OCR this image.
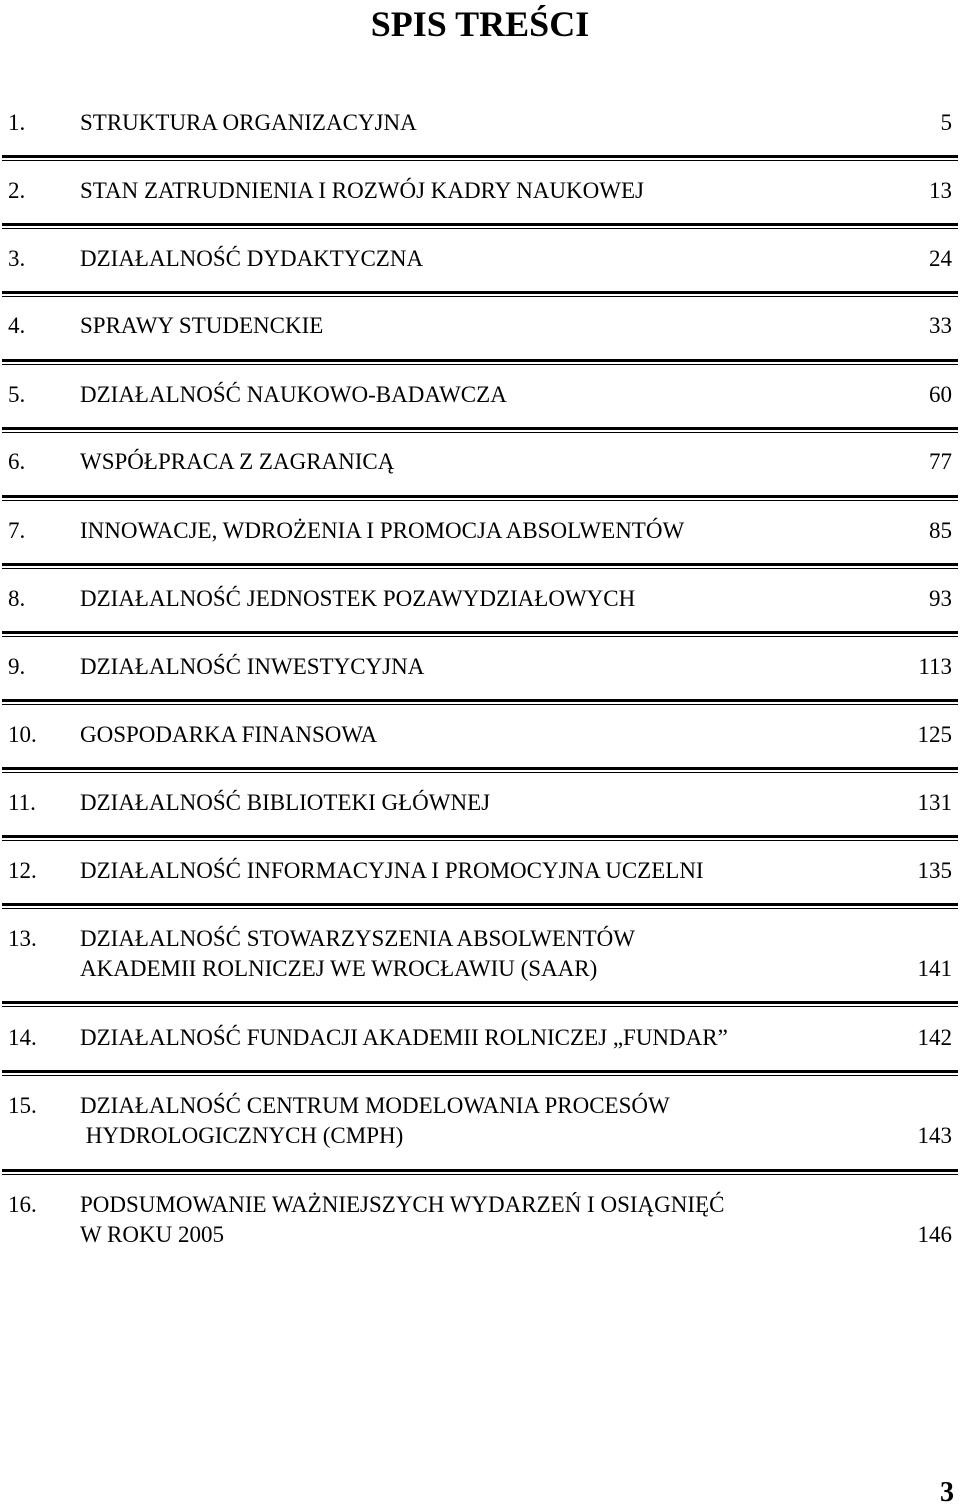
SPIS TREŚCI
1. STRUKTURA ORGANIZACYJNA	5
2. STAN ZATRUDNIENIA I ROZWÓJ KADRY NAUKOWEJ	13
3. DZIAŁALNOŚĆ DYDAKTYCZNA	24
4. SPRAWY STUDENCKIE	33
5. DZIAŁALNOŚĆ NAUKOWO-BADAWCZA	60
6. WSPÓŁPRACA Z ZAGRANICĄ	77
7. INNOWACJE, WDROŻENIA I PROMOCJA ABSOLWENTÓW	85
8. DZIAŁALNOŚĆ JEDNOSTEK POZAWYDZIAŁOWYCH	93
9. DZIAŁALNOŚĆ INWESTYCYJNA	113
10. GOSPODARKA FINANSOWA	125
11. DZIAŁALNOŚĆ BIBLIOTEKI GŁÓWNEJ	131
12. DZIAŁALNOŚĆ INFORMACYJNA I PROMOCYJNA UCZELNI	135
13. DZIAŁALNOŚĆ STOWARZYSZENIA ABSOLWENTÓW
AKADEMII ROLNICZEJ WE WROCŁAWIU (SAAR)	141
14. DZIAŁALNOŚĆ FUNDACJI AKADEMII ROLNICZEJ „FUNDAR”	142
15. DZIAŁALNOŚĆ CENTRUM MODELOWANIA PROCESÓW
HYDROLOGICZNYCH (CMPH)	143
16. PODSUMOWANIE WAŻNIEJSZYCH WYDARZEŃ I OSIĄGNIĘĆ
W ROKU 2005	146
3
